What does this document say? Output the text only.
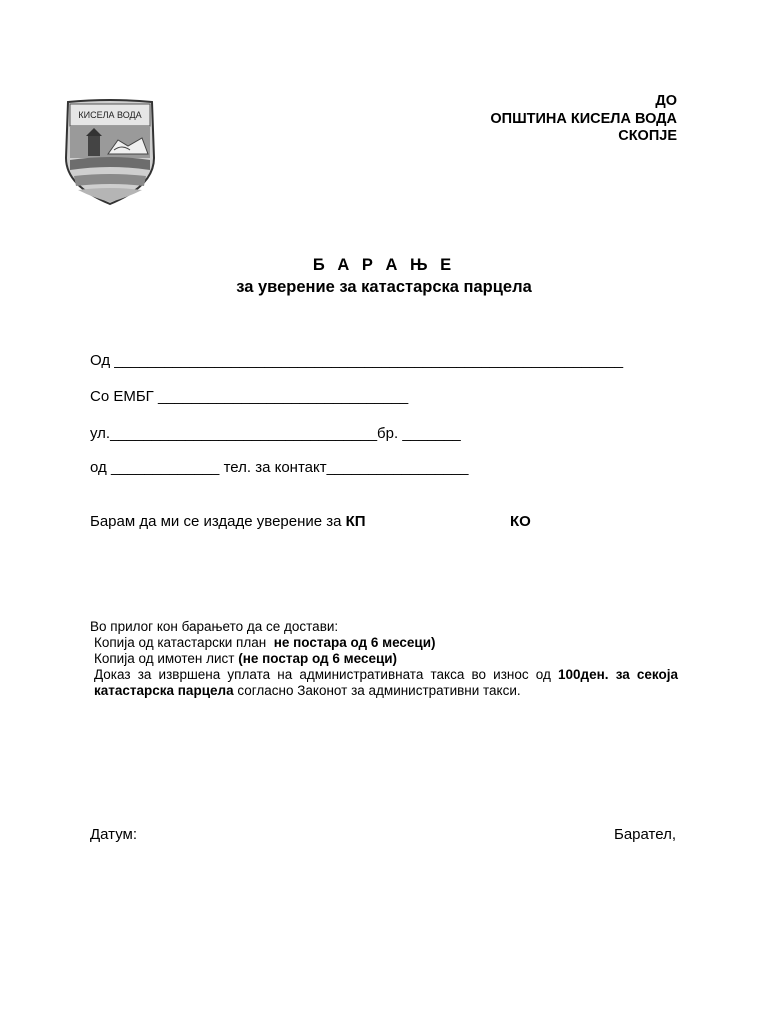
КИСЕЛА ВОДА
ДО
ОПШТИНА КИСЕЛА ВОДА
СКОПЈЕ
Б А Р А Њ Е
за уверение за катастарска парцела
Од _____________________________________________________________
Со ЕМБГ ______________________________
ул.________________________________бр. _______
од _____________ тел. за контакт_________________
Барам да ми се издаде уверение за КП	КО
Во прилог кон барањето да се достави:
Копија од катастарски план не постара од 6 месеци)
Копија од имотен лист (не постар од 6 месеци)
Доказ за извршена уплата на административната такса во износ од 100ден. за секоја катастарска парцела согласно Законот за административни такси.
Датум:	Барател,
